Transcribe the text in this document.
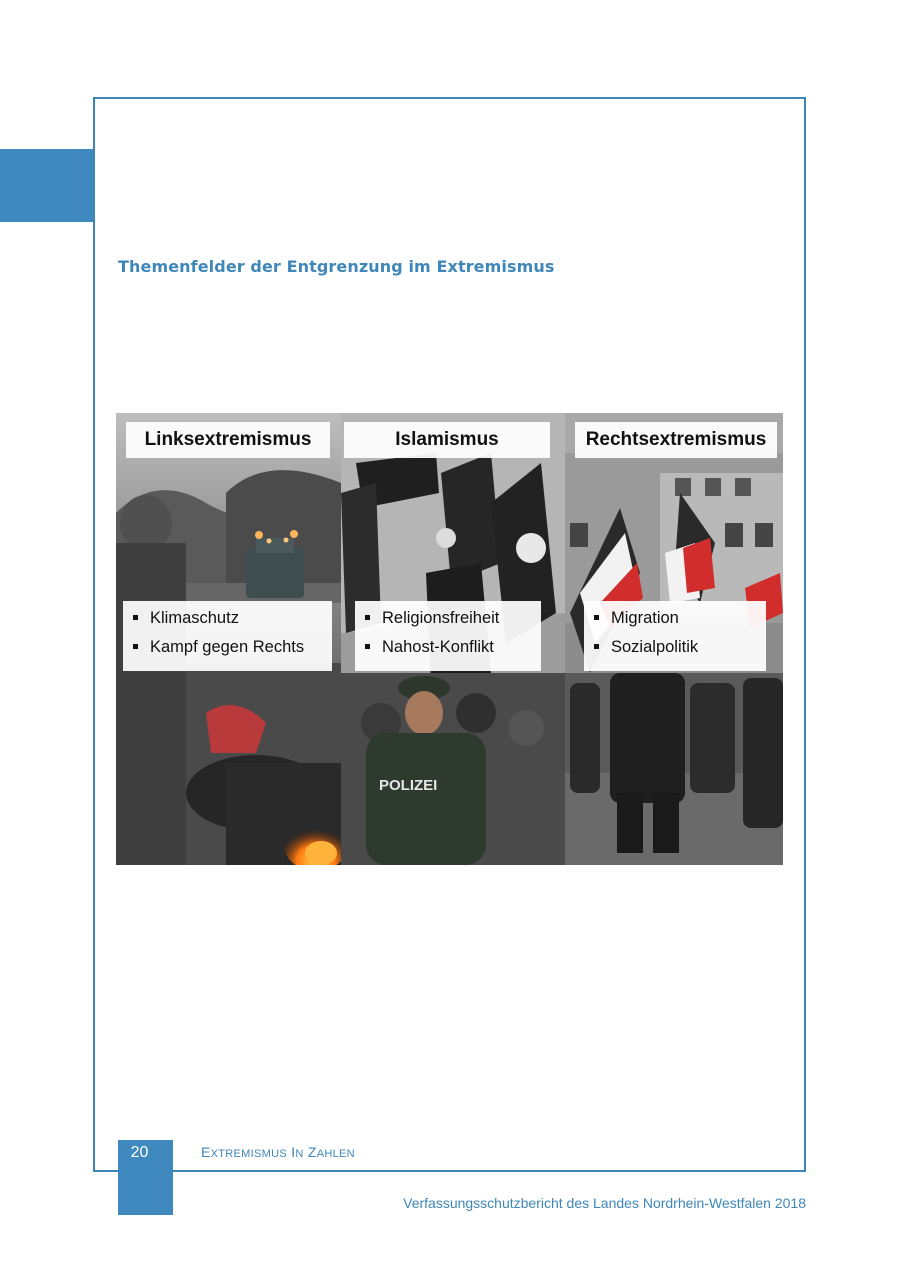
Themenfelder der Entgrenzung im Extremismus
Linksextremismus
Klimaschutz
Kampf gegen Rechts
POLIZEI
Islamismus
Religionsfreiheit
Nahost-Konflikt
Rechtsextremismus
Migration
Sozialpolitik
20	EXTREMISMUS IN ZAHLEN
Verfassungsschutzbericht des Landes Nordrhein-Westfalen 2018
